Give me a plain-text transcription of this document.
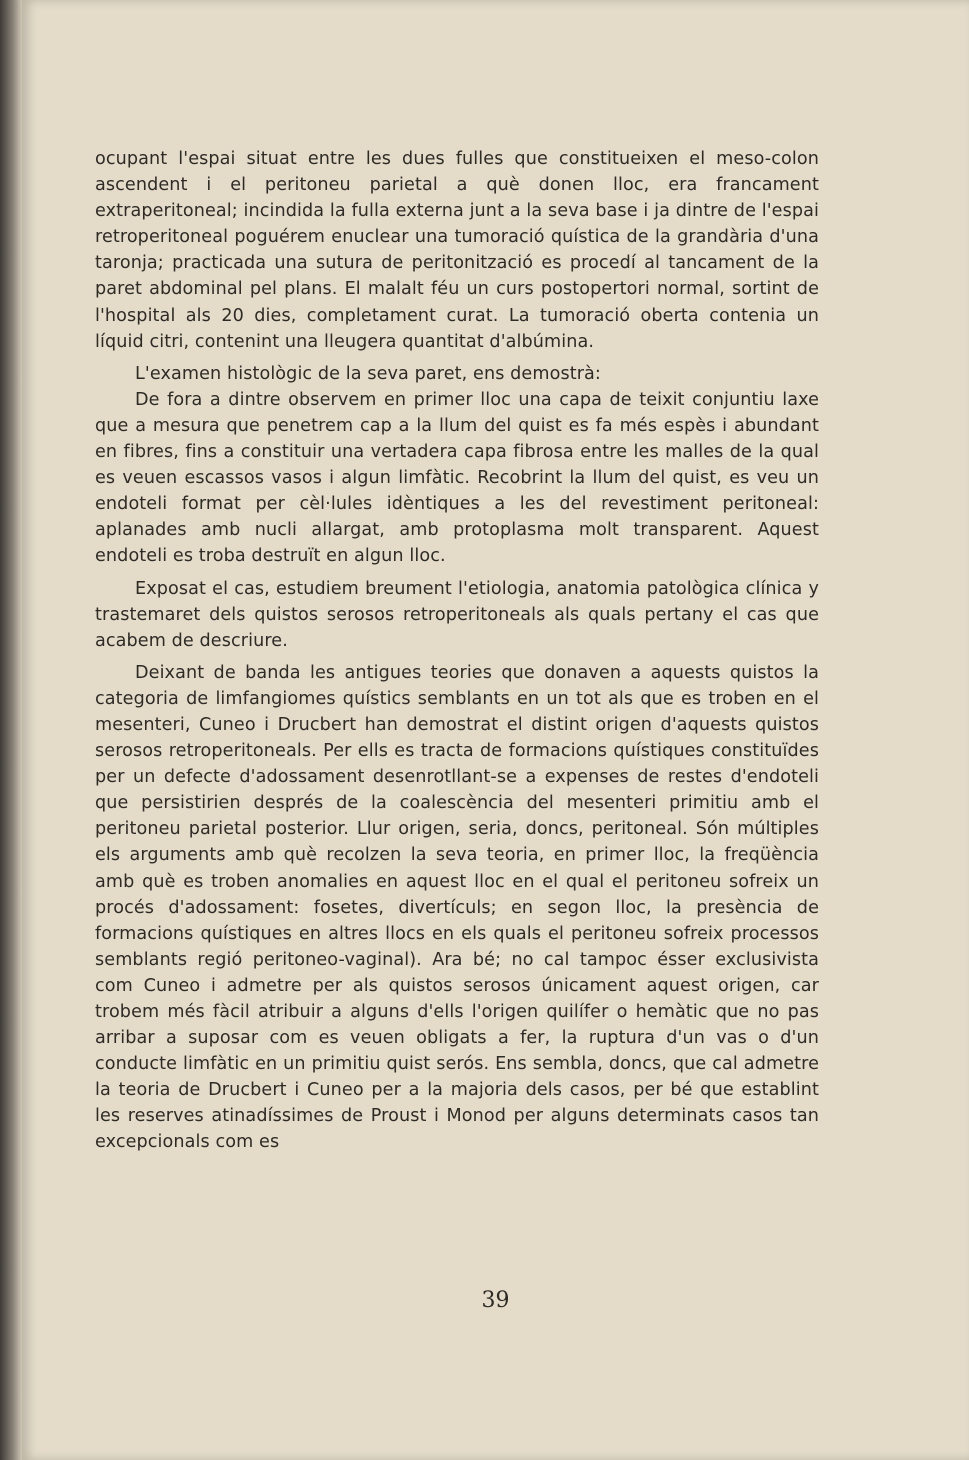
ocupant l'espai situat entre les dues fulles que constitueixen el meso-colon ascendent i el peritoneu parietal a què donen lloc, era francament extraperitoneal; incindida la fulla externa junt a la seva base i ja dintre de l'espai retroperitoneal poguérem enuclear una tumoració quística de la grandària d'una taronja; practicada una sutura de peritonització es procedí al tancament de la paret abdominal pel plans. El malalt féu un curs postopertori normal, sortint de l'hospital als 20 dies, completament curat. La tumoració oberta contenia un líquid citri, contenint una lleugera quantitat d'albúmina.

L'examen histològic de la seva paret, ens demostrà:

De fora a dintre observem en primer lloc una capa de teixit conjuntiu laxe que a mesura que penetrem cap a la llum del quist es fa més espès i abundant en fibres, fins a constituir una vertadera capa fibrosa entre les malles de la qual es veuen escassos vasos i algun limfàtic. Recobrint la llum del quist, es veu un endoteli format per cèl·lules idèntiques a les del revestiment peritoneal: aplanades amb nucli allargat, amb protoplasma molt transparent. Aquest endoteli es troba destruït en algun lloc.

Exposat el cas, estudiem breument l'etiologia, anatomia patològica clínica y trastemaret dels quistos serosos retroperitoneals als quals pertany el cas que acabem de descriure.

Deixant de banda les antigues teories que donaven a aquests quistos la categoria de limfangiomes quístics semblants en un tot als que es troben en el mesenteri, Cuneo i Drucbert han demostrat el distint origen d'aquests quistos serosos retroperitoneals. Per ells es tracta de formacions quístiques constituïdes per un defecte d'adossament desenrotllant-se a expenses de restes d'endoteli que persistirien després de la coalescència del mesenteri primitiu amb el peritoneu parietal posterior. Llur origen, seria, doncs, peritoneal. Són múltiples els arguments amb què recolzen la seva teoria, en primer lloc, la freqüència amb què es troben anomalies en aquest lloc en el qual el peritoneu sofreix un procés d'adossament: fosetes, divertículs; en segon lloc, la presència de formacions quístiques en altres llocs en els quals el peritoneu sofreix processos semblants regió peritoneo-vaginal). Ara bé; no cal tampoc ésser exclusivista com Cuneo i admetre per als quistos serosos únicament aquest origen, car trobem més fàcil atribuir a alguns d'ells l'origen quilífer o hemàtic que no pas arribar a suposar com es veuen obligats a fer, la ruptura d'un vas o d'un conducte limfàtic en un primitiu quist serós. Ens sembla, doncs, que cal admetre la teoria de Drucbert i Cuneo per a la majoria dels casos, per bé que establint les reserves atinadíssimes de Proust i Monod per alguns determinats casos tan excepcionals com es

39
